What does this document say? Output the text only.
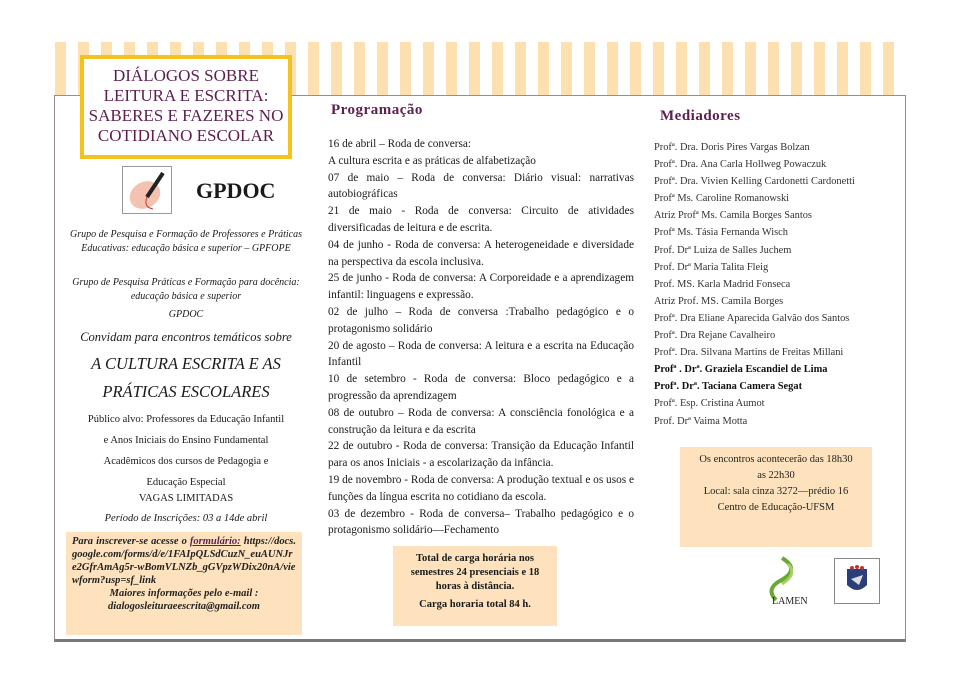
DIÁLOGOS SOBRE
LEITURA E ESCRITA:
SABERES E FAZERES NO
COTIDIANO ESCOLAR
GPDOC
Grupo de Pesquisa e Formação de Professores e Práticas Educativas: educação básica e superior – GPFOPE
Grupo de Pesquisa Práticas e Formação para docência: educação básica e superior
GPDOC
Convidam para encontros temáticos sobre
A CULTURA ESCRITA E AS
PRÁTICAS ESCOLARES
Público alvo: Professores da Educação Infantil
e Anos Iniciais do Ensino Fundamental
Acadêmicos dos cursos de Pedagogia e
Educação Especial
VAGAS LIMITADAS
Período de Inscrições: 03 a 14de abril
Para inscrever-se acesse o formulário: https://docs.google.com/forms/d/e/1FAIpQLSdCuzN_euAUNJre2GfrAmAg5r-wBomVLNZb_gGVpzWDix20nA/viewform?usp=sf_link
Maiores informações pelo e-mail :
dialogosleituraeescrita@gmail.com
Programação
16 de abril – Roda de conversa:
A cultura escrita e as práticas de alfabetização
07 de maio – Roda de conversa: Diário visual: narrativas autobiográficas
21 de maio - Roda de conversa: Circuito de atividades diversificadas de leitura e de escrita.
04 de junho - Roda de conversa: A heterogeneidade e diversidade na perspectiva da escola inclusiva.
25 de junho - Roda de conversa: A Corporeidade e a aprendizagem infantil: linguagens e expressão.
02 de julho – Roda de conversa :Trabalho pedagógico e o protagonismo solidário
20 de agosto – Roda de conversa: A leitura e a escrita na Educação Infantil
10 de setembro - Roda de conversa: Bloco pedagógico e a progressão da aprendizagem
08 de outubro – Roda de conversa: A consciência fonológica e a construção da leitura e da escrita
22 de outubro - Roda de conversa: Transição da Educação Infantil para os anos Iniciais - a escolarização da infância.
19 de novembro - Roda de conversa: A produção textual e os usos e funções da língua escrita no cotidiano da escola.
03 de dezembro - Roda de conversa– Trabalho pedagógico e o protagonismo solidário—Fechamento
Total de carga horária nos semestres 24 presenciais e 18 horas à distância.
Carga horaria total 84 h.
Mediadores
Profª. Dra. Doris Pires Vargas Bolzan
Profª. Dra. Ana Carla Hollweg Powaczuk
Profª. Dra. Vivien Kelling Cardonetti Cardonetti
Profª Ms. Caroline Romanowski
Atriz Profª Ms. Camila Borges Santos
Profª Ms. Tásia Fernanda Wisch
Prof. Drª Luiza de Salles Juchem
Prof. Drª Maria Talita Fleig
Prof. MS. Karla Madrid Fonseca
Atriz Prof. MS. Camila Borges
Profª. Dra Eliane Aparecida Galvão dos Santos
Profª. Dra Rejane Cavalheiro
Profª. Dra. Silvana Martins de Freitas Millani
Profª . Drª. Graziela Escandiel de Lima
Profª. Drª. Taciana Camera Segat
Profª. Esp. Cristina Aumot
Prof. Drª Vaima Motta
Os encontros acontecerão das 18h30 as 22h30
Local: sala cinza 3272—prédio 16
Centro de Educação-UFSM
LAMEN
